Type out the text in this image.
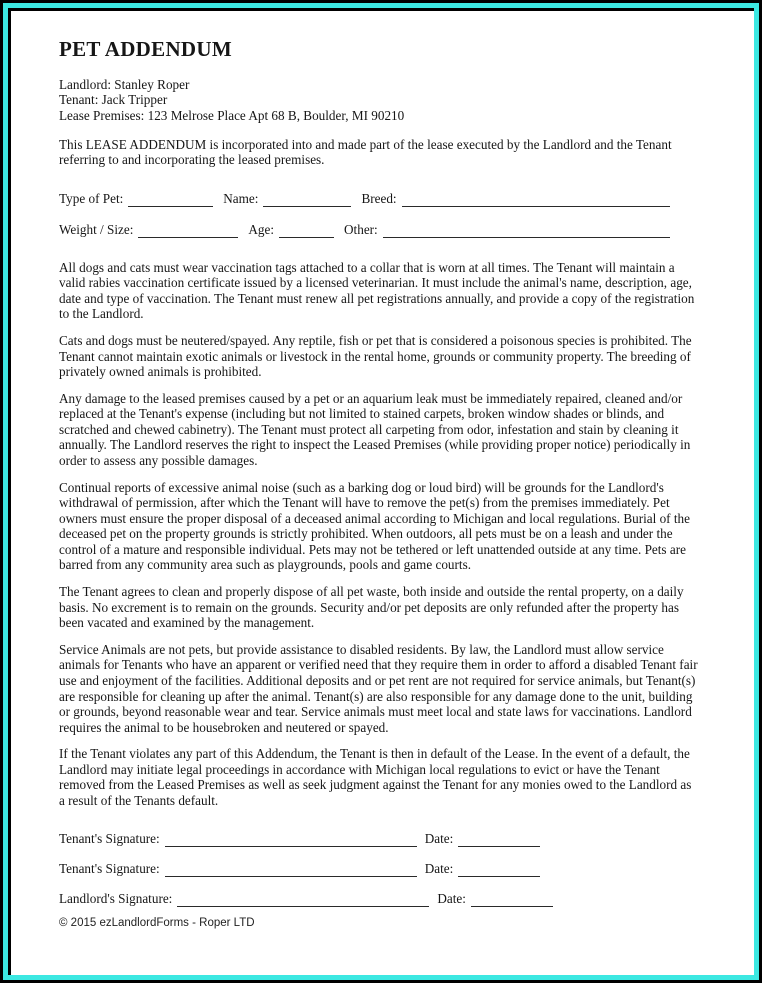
PET ADDENDUM
Landlord: Stanley Roper
Tenant: Jack Tripper
Lease Premises: 123 Melrose Place Apt 68 B, Boulder, MI 90210
This LEASE ADDENDUM is incorporated into and made part of the lease executed by the Landlord and the Tenant referring to and incorporating the leased premises.
Type of Pet:	Name:	Breed:
Weight / Size:	Age:	Other:

All dogs and cats must wear vaccination tags attached to a collar that is worn at all times. The Tenant will maintain a valid rabies vaccination certificate issued by a licensed veterinarian. It must include the animal's name, description, age, date and type of vaccination. The Tenant must renew all pet registrations annually, and provide a copy of the registration to the Landlord.

Cats and dogs must be neutered/spayed. Any reptile, fish or pet that is considered a poisonous species is prohibited. The Tenant cannot maintain exotic animals or livestock in the rental home, grounds or community property. The breeding of privately owned animals is prohibited.

Any damage to the leased premises caused by a pet or an aquarium leak must be immediately repaired, cleaned and/or replaced at the Tenant's expense (including but not limited to stained carpets, broken window shades or blinds, and scratched and chewed cabinetry). The Tenant must protect all carpeting from odor, infestation and stain by cleaning it annually. The Landlord reserves the right to inspect the Leased Premises (while providing proper notice) periodically in order to assess any possible damages.

Continual reports of excessive animal noise (such as a barking dog or loud bird) will be grounds for the Landlord's withdrawal of permission, after which the Tenant will have to remove the pet(s) from the premises immediately. Pet owners must ensure the proper disposal of a deceased animal according to Michigan and local regulations. Burial of the deceased pet on the property grounds is strictly prohibited. When outdoors, all pets must be on a leash and under the control of a mature and responsible individual. Pets may not be tethered or left unattended outside at any time. Pets are barred from any community area such as playgrounds, pools and game courts.

The Tenant agrees to clean and properly dispose of all pet waste, both inside and outside the rental property, on a daily basis. No excrement is to remain on the grounds. Security and/or pet deposits are only refunded after the property has been vacated and examined by the management.

Service Animals are not pets, but provide assistance to disabled residents. By law, the Landlord must allow service animals for Tenants who have an apparent or verified need that they require them in order to afford a disabled Tenant fair use and enjoyment of the facilities. Additional deposits and or pet rent are not required for service animals, but Tenant(s) are responsible for cleaning up after the animal. Tenant(s) are also responsible for any damage done to the unit, building or grounds, beyond reasonable wear and tear. Service animals must meet local and state laws for vaccinations. Landlord requires the animal to be housebroken and neutered or spayed.

If the Tenant violates any part of this Addendum, the Tenant is then in default of the Lease. In the event of a default, the Landlord may initiate legal proceedings in accordance with Michigan local regulations to evict or have the Tenant removed from the Leased Premises as well as seek judgment against the Tenant for any monies owed to the Landlord as a result of the Tenants default.

Tenant's Signature:	Date:
Tenant's Signature:	Date:
Landlord's Signature:	Date:
© 2015 ezLandlordForms - Roper LTD
